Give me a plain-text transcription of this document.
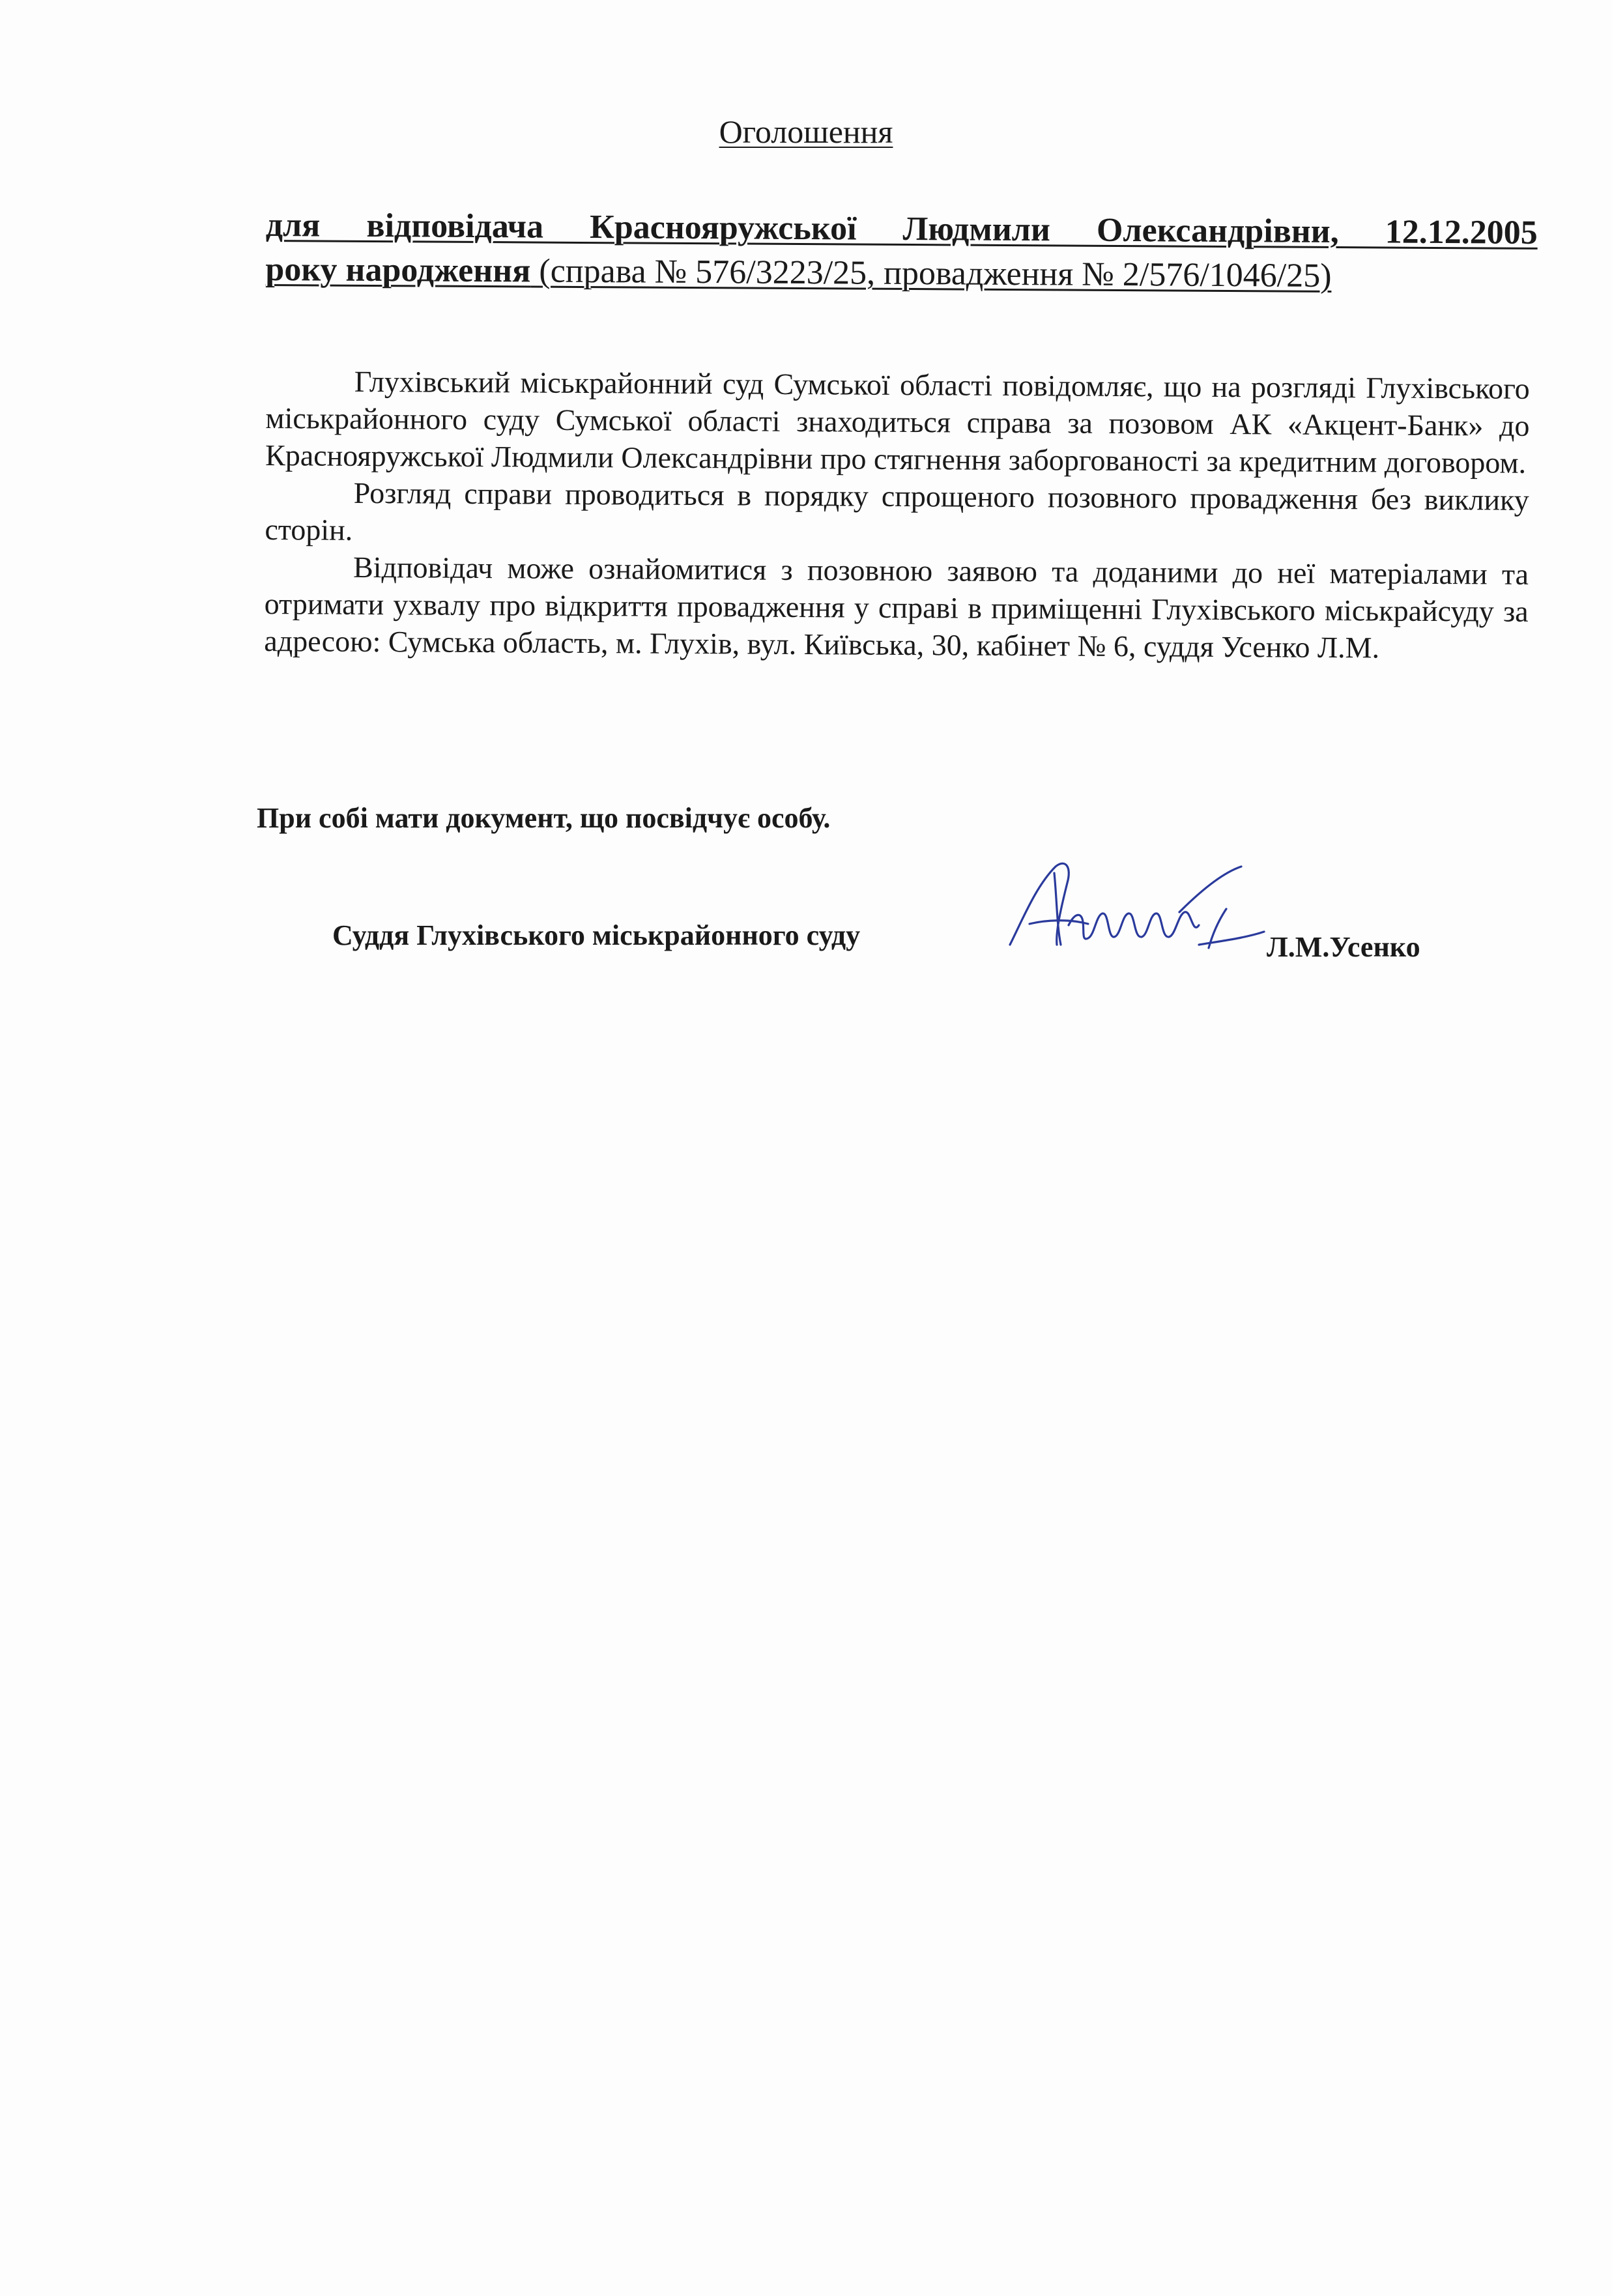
Оголошення
для відповідача Краснояружської Людмили Олександрівни, 12.12.2005
року народження (справа № 576/3223/25, провадження № 2/576/1046/25)

Глухівський міськрайонний суд Сумської області повідомляє, що на розгляді Глухівського міськрайонного суду Сумської області знаходиться справа за позовом АК «Акцент-Банк» до Краснояружської Людмили Олександрівни про стягнення заборгованості за кредитним договором.

Розгляд справи проводиться в порядку спрощеного позовного провадження без виклику сторін.

Відповідач може ознайомитися з позовною заявою та доданими до неї матеріалами та отримати ухвалу про відкриття провадження у справі в приміщенні Глухівського міськрайсуду за адресою: Сумська область, м. Глухів, вул. Київська, 30, кабінет № 6, суддя Усенко Л.М.

При собі мати документ, що посвідчує особу.
Суддя Глухівського міськрайонного суду	Л.М.Усенко
